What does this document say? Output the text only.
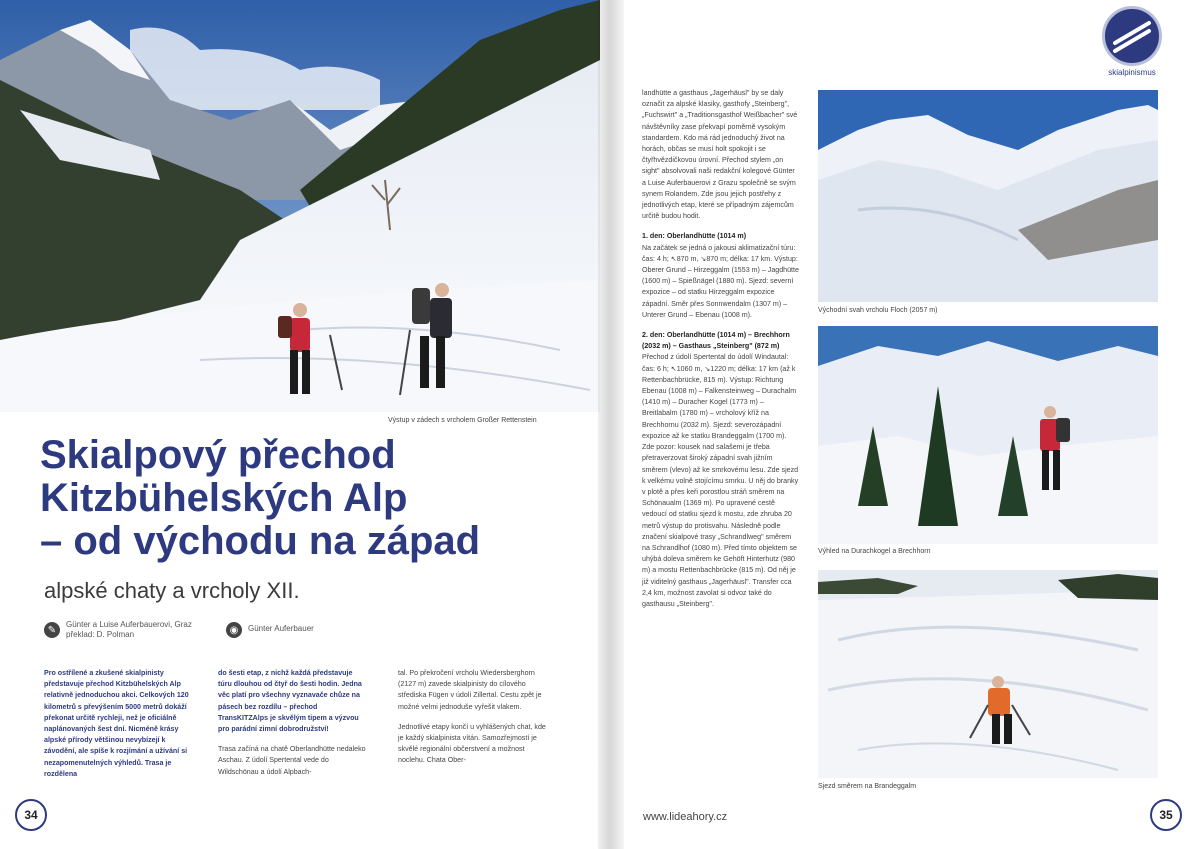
Výstup v zádech s vrcholem Großer Rettenstein
Skialpový přechod
Kitzbühelských Alp
– od východu na západ
alpské chaty a vrcholy XII.
✎	Günter a Luise Auferbauerovi, Graz
překlad: D. Polman	◉	Günter Auferbauer

Pro ostřílené a zkušené skialpinisty představuje přechod Kitzbühelských Alp relativně jednoduchou akci. Celkových 120 kilometrů s převýšením 5000 metrů dokáží překonat určitě rychleji, než je oficiálně naplánovaných šest dní. Nicméně krásy alpské přírody většinou nevybízejí k závodění, ale spíše k rozjímání a užívání si nezapomenutelných výhledů. Trasa je rozdělena

do šesti etap, z nichž každá představuje túru dlouhou od čtyř do šesti hodin. Jedna věc platí pro všechny vyznavače chůze na pásech bez rozdílu – přechod TransKITZAlps je skvělým tipem a výzvou pro parádní zimní dobrodružství!

Trasa začíná na chatě Oberlandhütte nedaleko Aschau. Z údolí Spertental vede do Wildschönau a údolí Alpbach-

tal. Po překročení vrcholu Wiedersberghorn (2127 m) zavede skialpinisty do cílového střediska Fügen v údolí Zillertal. Cestu zpět je možné velmi jednoduše vyřešit vlakem.

Jednotlivé etapy končí u vyhlášených chat, kde je každý skialpinista vítán. Samozřejmostí je skvělé regionální občerstvení a možnost noclehu. Chata Ober-

34
skialpinismus

landhütte a gasthaus „Jagerhäusl" by se daly označit za alpské klasiky, gasthofy „Steinberg", „Fuchswirt" a „Traditionsgasthof Weißbacher" své návštěvníky zase překvapí poměrně vysokým standardem. Kdo má rád jednoduchý život na horách, občas se musí holt spokojit i se čtyřhvězdičkovou úrovní. Přechod stylem „on sight" absolvovali naši redakční kolegové Günter a Luise Auferbauerovi z Grazu společně se svým synem Rolandem. Zde jsou jejich postřehy z jednotlivých etap, které se případným zájemcům určitě budou hodit.

1. den: Oberlandhütte (1014 m)

Na začátek se jedná o jakousi aklimatizační túru: čas: 4 h; ↖870 m, ↘870 m; délka: 17 km. Výstup: Oberer Grund – Hirzeggalm (1553 m) – Jagdhütte (1600 m) – Spießnägel (1880 m). Sjezd: severní expozice – od statku Hirzeggalm expozice západní. Směr přes Sonnwendalm (1307 m) – Unterer Grund – Ebenau (1008 m).

2. den: Oberlandhütte (1014 m) – Brechhorn (2032 m) – Gasthaus „Steinberg" (872 m)

Přechod z údolí Spertental do údolí Windautal: čas: 6 h; ↖1060 m, ↘1220 m; délka: 17 km (až k Rettenbachbrücke, 815 m). Výstup: Richtung Ebenau (1008 m) – Falkensteinweg – Durachalm (1410 m) – Duracher Kogel (1773 m) – Breitlabalm (1780 m) – vrcholový kříž na Brechhornu (2032 m). Sjezd: severozápadní expozice až ke statku Brandeggalm (1700 m). Zde pozor: kousek nad salašemi je třeba přetraverzovat široký západní svah jižním směrem (vlevo) až ke smrkovému lesu. Zde sjezd k velkému volně stojícímu smrku. U něj do branky v plotě a přes keři porostlou stráň směrem na Schönaualm (1369 m). Po upravené cestě vedoucí od statku sjezd k mostu, zde zhruba 20 metrů výstup do protisvahu. Následně podle značení skialpové trasy „Schrandlweg" směrem na Schrandlhof (1080 m). Před tímto objektem se uhýbá doleva směrem ke Gehöft Hinterhutz (980 m) a mostu Rettenbachbrücke (815 m). Od něj je již viditelný gasthaus „Jagerhäusl". Transfer cca 2,4 km, možnost zavolat si odvoz také do gasthausu „Steinberg".

Východní svah vrcholu Floch (2057 m)
Výhled na Durachkogel a Brechhorn
Sjezd směrem na Brandeggalm
www.lideahory.cz	35
